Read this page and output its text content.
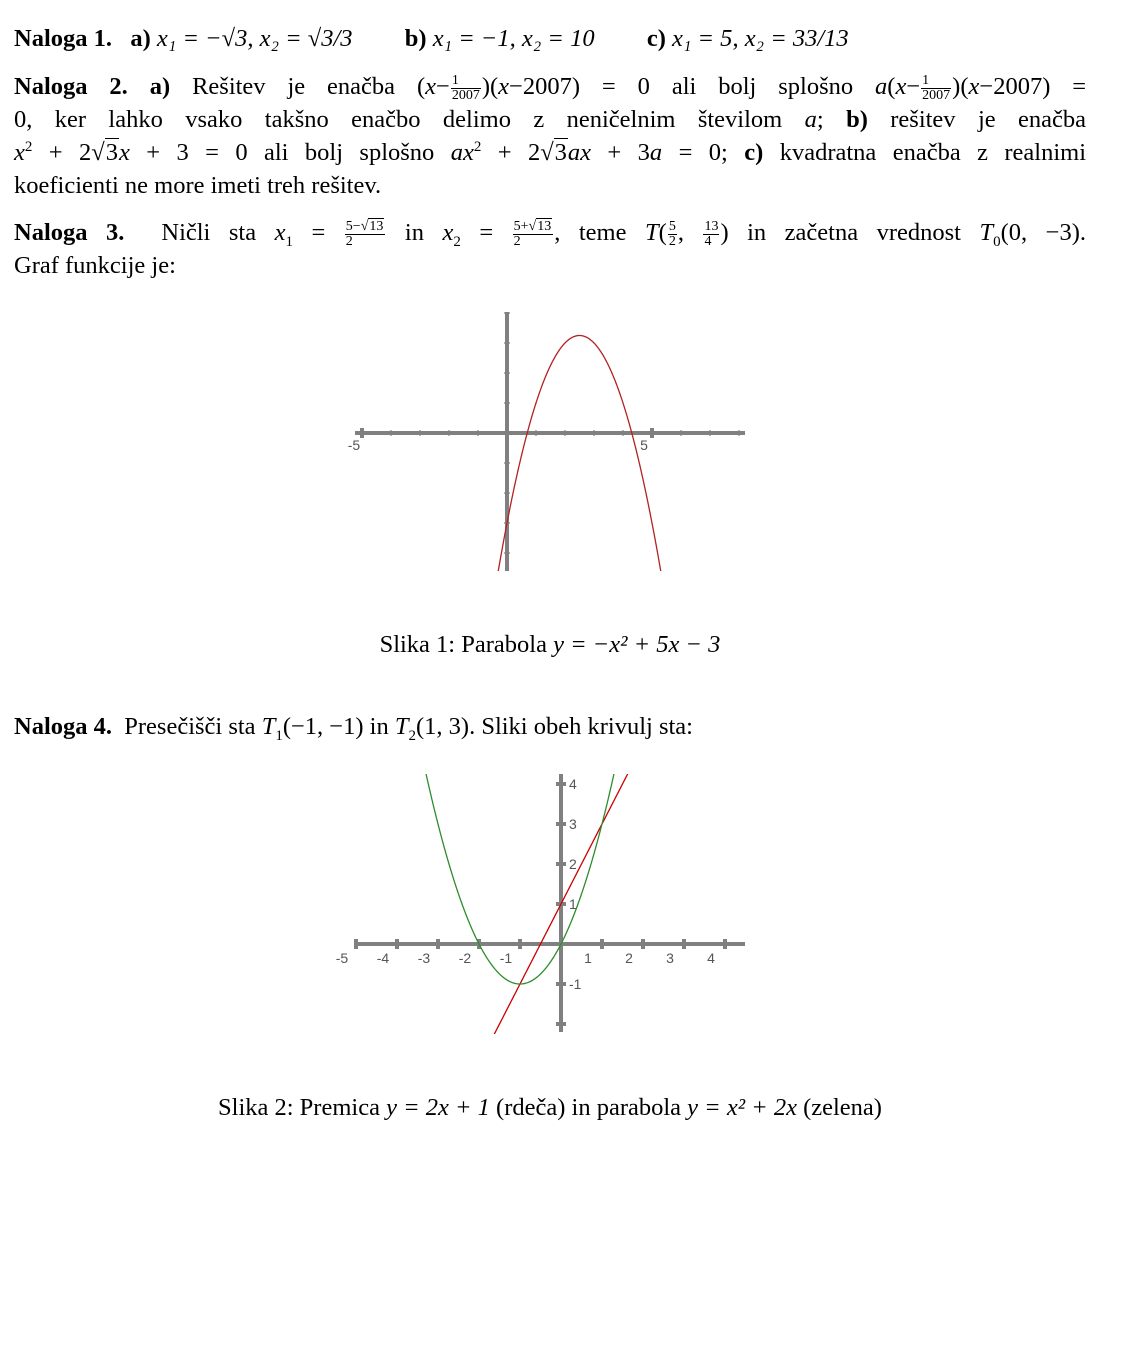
Naloga 1. a) x₁ = −√3, x₂ = √3/3 b) x₁ = −1, x₂ = 10 c) x₁ = 5, x₂ = 33/13

Naloga 2. a) Rešitev je enačba $(x- \frac{1}{2007} )(x-2007) = 0$ ali bolj splošno $a(x- \frac{1}{2007} )(x-2007)$ =

0, ker lahko vsako takšno enačbo delimo z neničelnim številom a; b) rešitev je enačba

$x^2 + 2√3x + 3 = 0$ ali bolj splošno $ax^2 + 2√3ax + 3a = 0$; c) kvadratna enačba z realnimi

koeficienti ne more imeti treh rešitev.

Naloga 3. Ničli sta $x_1 = \frac{5-√13}{2}$ in $x_2 = \frac{5+√13}{2}$ , teme $T( \frac{5}{2}$ , $\frac{13}{4}$ ) in začetna vrednost $T_0(0$, −3).

Graf funkcije je:

-5	5
Slika 1: Parabola y = −x² + 5x − 3

Naloga 4. Presečišči sta $T_1(-1$, −1) in $T_2(1$, 3). Sliki obeh krivulj sta:

-5 -4 -3 -2 -1	1 2 3 4
4
3
2
1
-1
Slika 2: Premica y = 2x + 1 (rdeča) in parabola y = x² + 2x (zelena)
